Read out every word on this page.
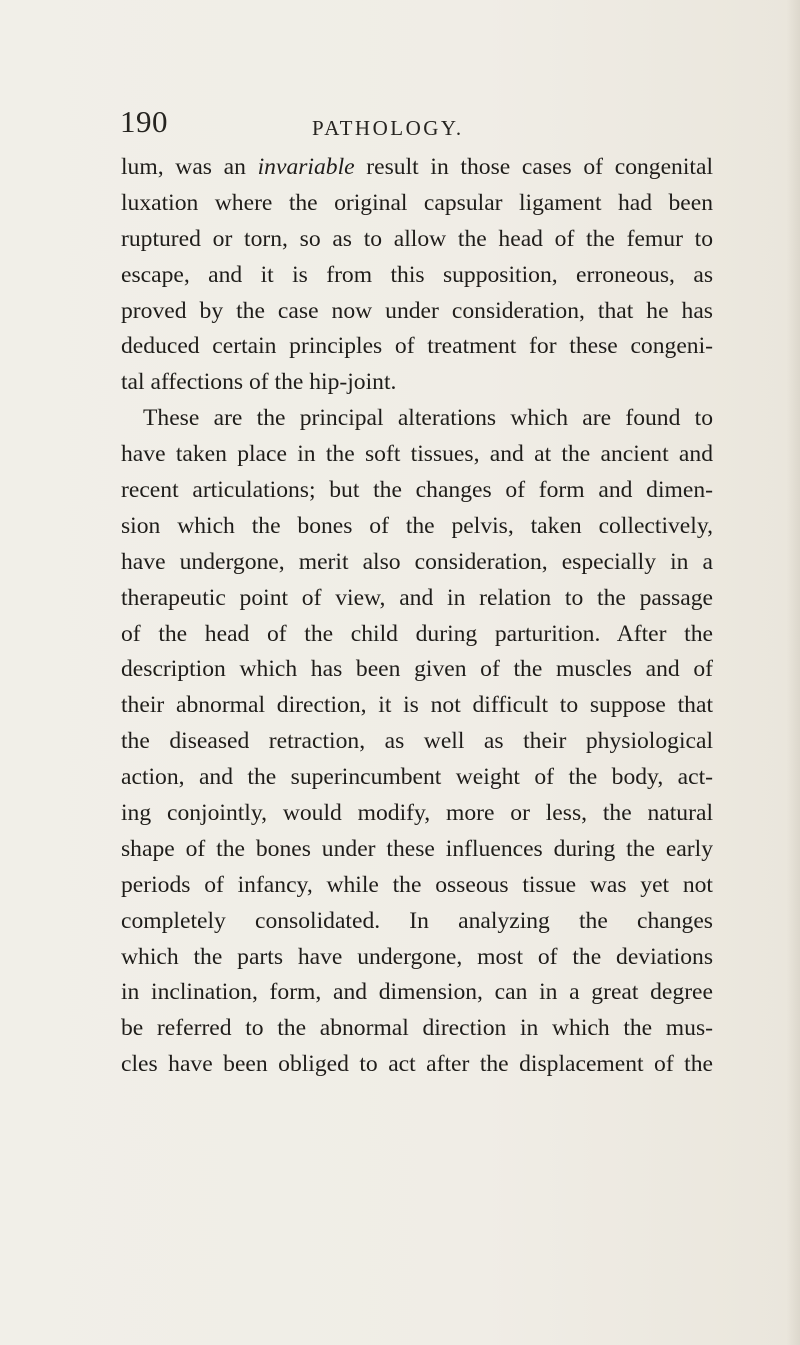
190	PATHOLOGY.
lum, was an invariable result in those cases of congenital
luxation where the original capsular ligament had been
ruptured or torn, so as to allow the head of the femur to
escape, and it is from this supposition, erroneous, as
proved by the case now under consideration, that he has
deduced certain principles of treatment for these congeni-
tal affections of the hip-joint.
These are the principal alterations which are found to
have taken place in the soft tissues, and at the ancient and
recent articulations; but the changes of form and dimen-
sion which the bones of the pelvis, taken collectively,
have undergone, merit also consideration, especially in a
therapeutic point of view, and in relation to the passage
of the head of the child during parturition. After the
description which has been given of the muscles and of
their abnormal direction, it is not difficult to suppose that
the diseased retraction, as well as their physiological
action, and the superincumbent weight of the body, act-
ing conjointly, would modify, more or less, the natural
shape of the bones under these influences during the early
periods of infancy, while the osseous tissue was yet not
completely consolidated. In analyzing the changes
which the parts have undergone, most of the deviations
in inclination, form, and dimension, can in a great degree
be referred to the abnormal direction in which the mus-
cles have been obliged to act after the displacement of the
